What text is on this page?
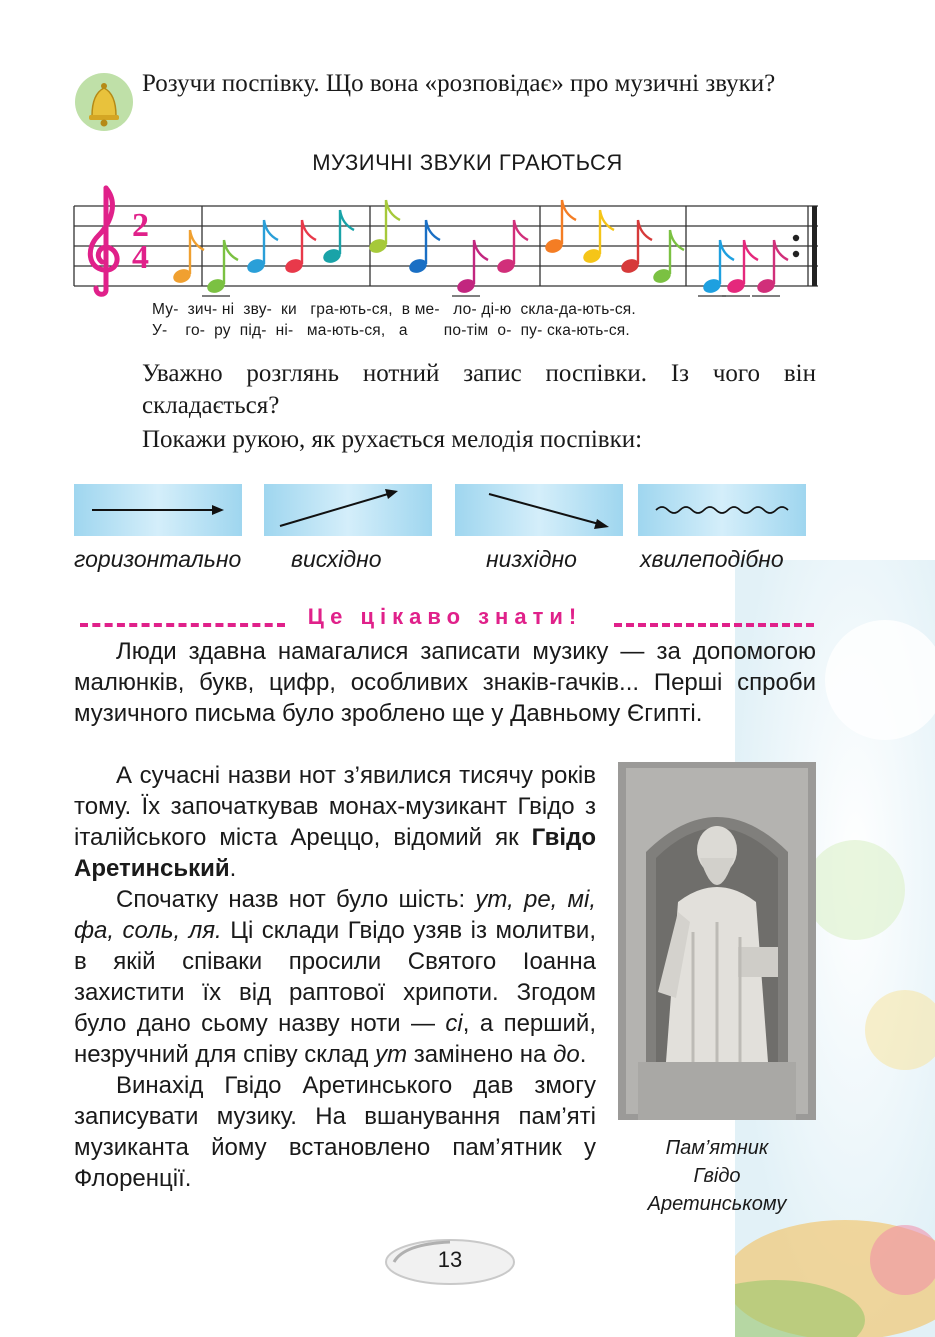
Розучи поспівку. Що вона «розповідає» про музичні звуки?

МУЗИЧНІ ЗВУКИ ГРАЮТЬСЯ
2
4
Му-  зич- ні  зву-  ки   гра-ють-ся,  в ме-   ло- ді-ю  скла-да-ють-ся.
У-    го-  ру  під-  ні-   ма-ють-ся,   а        по-тім  о-  пу- ска-ють-ся.

Уважно розглянь нотний запис поспівки. Із чого він складається?

Покажи рукою, як рухається мелодія поспівки:

горизонтально висхідно	низхідно	хвилеподібно
Це цікаво знати!

Люди здавна намагалися записати музику — за допомогою малюнків, букв, цифр, особливих знаків-гачків... Перші спроби музичного письма було зроблено ще у Давньому Єгипті.

А сучасні назви нот з’явилися тисячу років тому. Їх започаткував монах-музикант Гвідо з італійського міста Ареццо, відомий як Гвідо Аретинський.

Спочатку назв нот було шість: ут, ре, мі, фа, соль, ля. Ці склади Гвідо узяв із молитви, в якій співаки просили Святого Іоанна захистити їх від раптової хрипоти. Згодом було дано сьому назву ноти — сі, а перший, незручний для співу склад ут замінено на до.

Винахід Гвідо Аретинського дав змогу записувати музику. На вшанування пам’яті музиканта йому встановлено пам’ятник у Флоренції.

Пам’ятник
Гвідо
Аретинському
13
